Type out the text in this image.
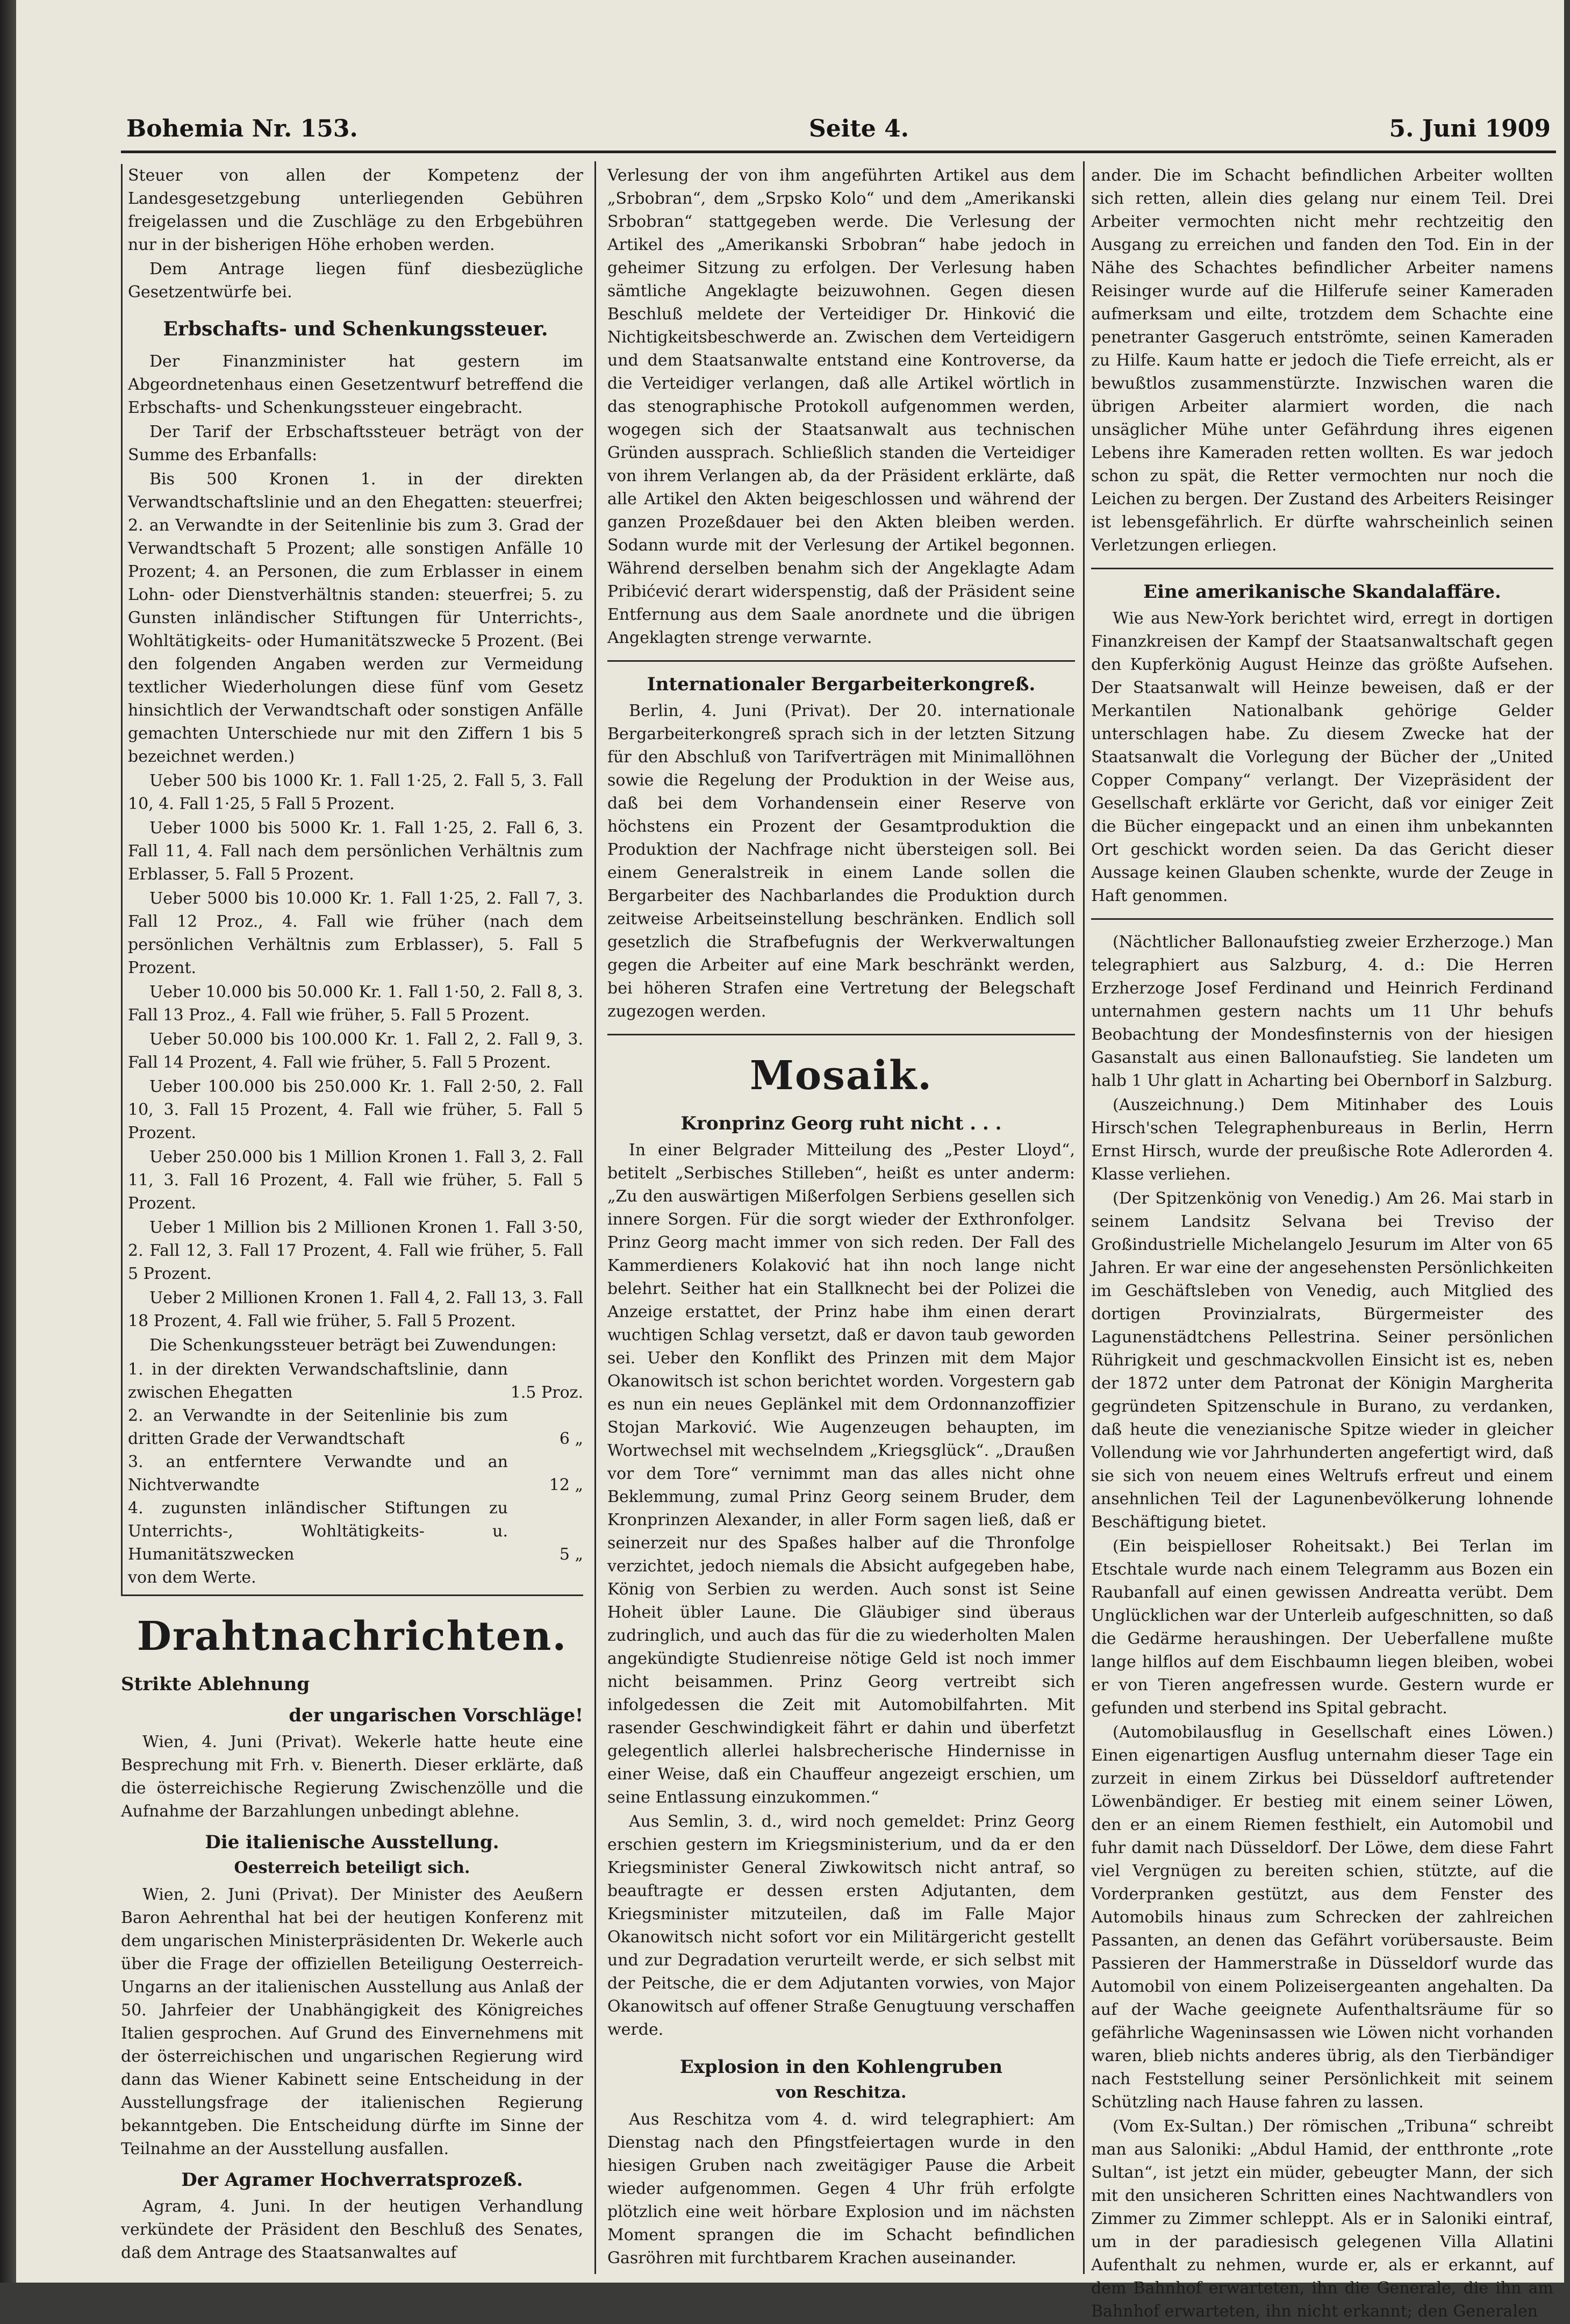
Bohemia Nr. 153.	Seite 4.	5. Juni 1909

Steuer von allen der Kompetenz der Landesgesetzgebung unterliegenden Gebühren freigelassen und die Zuschläge zu den Erbgebühren nur in der bisherigen Höhe erhoben werden.

Dem Antrage liegen fünf diesbezügliche Gesetzentwürfe bei.

Erbschafts- und Schenkungssteuer.

Der Finanzminister hat gestern im Abgeordnetenhaus einen Gesetzentwurf betreffend die Erbschafts- und Schenkungssteuer eingebracht.

Der Tarif der Erbschaftssteuer beträgt von der Summe des Erbanfalls:

Bis 500 Kronen 1. in der direkten Verwandtschaftslinie und an den Ehegatten: steuerfrei; 2. an Verwandte in der Seitenlinie bis zum 3. Grad der Verwandtschaft 5 Prozent; alle sonstigen Anfälle 10 Prozent; 4. an Personen, die zum Erblasser in einem Lohn- oder Dienstverhältnis standen: steuerfrei; 5. zu Gunsten inländischer Stiftungen für Unterrichts-, Wohltätigkeits- oder Humanitätszwecke 5 Prozent. (Bei den folgenden Angaben werden zur Vermeidung textlicher Wiederholungen diese fünf vom Gesetz hinsichtlich der Verwandtschaft oder sonstigen Anfälle gemachten Unterschiede nur mit den Ziffern 1 bis 5 bezeichnet werden.)

Ueber 500 bis 1000 Kr. 1. Fall 1·25, 2. Fall 5, 3. Fall 10, 4. Fall 1·25, 5 Fall 5 Prozent.

Ueber 1000 bis 5000 Kr. 1. Fall 1·25, 2. Fall 6, 3. Fall 11, 4. Fall nach dem persönlichen Verhältnis zum Erblasser, 5. Fall 5 Prozent.

Ueber 5000 bis 10.000 Kr. 1. Fall 1·25, 2. Fall 7, 3. Fall 12 Proz., 4. Fall wie früher (nach dem persönlichen Verhältnis zum Erblasser), 5. Fall 5 Prozent.

Ueber 10.000 bis 50.000 Kr. 1. Fall 1·50, 2. Fall 8, 3. Fall 13 Proz., 4. Fall wie früher, 5. Fall 5 Prozent.

Ueber 50.000 bis 100.000 Kr. 1. Fall 2, 2. Fall 9, 3. Fall 14 Prozent, 4. Fall wie früher, 5. Fall 5 Prozent.

Ueber 100.000 bis 250.000 Kr. 1. Fall 2·50, 2. Fall 10, 3. Fall 15 Prozent, 4. Fall wie früher, 5. Fall 5 Prozent.

Ueber 250.000 bis 1 Million Kronen 1. Fall 3, 2. Fall 11, 3. Fall 16 Prozent, 4. Fall wie früher, 5. Fall 5 Prozent.

Ueber 1 Million bis 2 Millionen Kronen 1. Fall 3·50, 2. Fall 12, 3. Fall 17 Prozent, 4. Fall wie früher, 5. Fall 5 Prozent.

Ueber 2 Millionen Kronen 1. Fall 4, 2. Fall 13, 3. Fall 18 Prozent, 4. Fall wie früher, 5. Fall 5 Prozent.

Die Schenkungssteuer beträgt bei Zuwendungen:

1. in der direkten Verwandschaftslinie, dann zwischen Ehegatten	1.5 Proz.
2. an Verwandte in der Seitenlinie bis zum dritten Grade der Verwandtschaft	6 „
3. an entferntere Verwandte und an Nichtverwandte	12 „
4. zugunsten inländischer Stiftungen zu Unterrichts-, Wohltätigkeits- u. Humanitätszwecken	5 „
von dem Werte.	
Drahtnachrichten.
Strikte Ablehnung
der ungarischen Vorschläge!

Wien, 4. Juni (Privat). Wekerle hatte heute eine Besprechung mit Frh. v. Bienerth. Dieser erklärte, daß die österreichische Regierung Zwischenzölle und die Aufnahme der Barzahlungen unbedingt ablehne.

Die italienische Ausstellung.
Oesterreich beteiligt sich.

Wien, 2. Juni (Privat). Der Minister des Aeußern Baron Aehrenthal hat bei der heutigen Konferenz mit dem ungarischen Ministerpräsidenten Dr. Wekerle auch über die Frage der offiziellen Beteiligung Oesterreich-Ungarns an der italienischen Ausstellung aus Anlaß der 50. Jahrfeier der Unabhängigkeit des Königreiches Italien gesprochen. Auf Grund des Einvernehmens mit der österreichischen und ungarischen Regierung wird dann das Wiener Kabinett seine Entscheidung in der Ausstellungsfrage der italienischen Regierung bekanntgeben. Die Entscheidung dürfte im Sinne der Teilnahme an der Ausstellung ausfallen.

Der Agramer Hochverratsprozeß.

Agram, 4. Juni. In der heutigen Verhandlung verkündete der Präsident den Beschluß des Senates, daß dem Antrage des Staatsanwaltes auf

Verlesung der von ihm angeführten Artikel aus dem „Srbobran“, dem „Srpsko Kolo“ und dem „Amerikanski Srbobran“ stattgegeben werde. Die Verlesung der Artikel des „Amerikanski Srbobran“ habe jedoch in geheimer Sitzung zu erfolgen. Der Verlesung haben sämtliche Angeklagte beizuwohnen. Gegen diesen Beschluß meldete der Verteidiger Dr. Hinković die Nichtigkeitsbeschwerde an. Zwischen dem Verteidigern und dem Staatsanwalte entstand eine Kontroverse, da die Verteidiger verlangen, daß alle Artikel wörtlich in das stenographische Protokoll aufgenommen werden, wogegen sich der Staatsanwalt aus technischen Gründen aussprach. Schließlich standen die Verteidiger von ihrem Verlangen ab, da der Präsident erklärte, daß alle Artikel den Akten beigeschlossen und während der ganzen Prozeßdauer bei den Akten bleiben werden. Sodann wurde mit der Verlesung der Artikel begonnen. Während derselben benahm sich der Angeklagte Adam Pribićević derart widerspenstig, daß der Präsident seine Entfernung aus dem Saale anordnete und die übrigen Angeklagten strenge verwarnte.

Internationaler Bergarbeiterkongreß.

Berlin, 4. Juni (Privat). Der 20. internationale Bergarbeiterkongreß sprach sich in der letzten Sitzung für den Abschluß von Tarifverträgen mit Minimallöhnen sowie die Regelung der Produktion in der Weise aus, daß bei dem Vorhandensein einer Reserve von höchstens ein Prozent der Gesamtproduktion die Produktion der Nachfrage nicht übersteigen soll. Bei einem Generalstreik in einem Lande sollen die Bergarbeiter des Nachbarlandes die Produktion durch zeitweise Arbeitseinstellung beschränken. Endlich soll gesetzlich die Strafbefugnis der Werkverwaltungen gegen die Arbeiter auf eine Mark beschränkt werden, bei höheren Strafen eine Vertretung der Belegschaft zugezogen werden.

Mosaik.
Kronprinz Georg ruht nicht . . .

In einer Belgrader Mitteilung des „Pester Lloyd“, betitelt „Serbisches Stilleben“, heißt es unter anderm: „Zu den auswärtigen Mißerfolgen Serbiens gesellen sich innere Sorgen. Für die sorgt wieder der Exthronfolger. Prinz Georg macht immer von sich reden. Der Fall des Kammerdieners Kolaković hat ihn noch lange nicht belehrt. Seither hat ein Stallknecht bei der Polizei die Anzeige erstattet, der Prinz habe ihm einen derart wuchtigen Schlag versetzt, daß er davon taub geworden sei. Ueber den Konflikt des Prinzen mit dem Major Okanowitsch ist schon berichtet worden. Vorgestern gab es nun ein neues Geplänkel mit dem Ordonnanzoffizier Stojan Marković. Wie Augenzeugen behaupten, im Wortwechsel mit wechselndem „Kriegsglück“. „Draußen vor dem Tore“ vernimmt man das alles nicht ohne Beklemmung, zumal Prinz Georg seinem Bruder, dem Kronprinzen Alexander, in aller Form sagen ließ, daß er seinerzeit nur des Spaßes halber auf die Thronfolge verzichtet, jedoch niemals die Absicht aufgegeben habe, König von Serbien zu werden. Auch sonst ist Seine Hoheit übler Laune. Die Gläubiger sind überaus zudringlich, und auch das für die zu wiederholten Malen angekündigte Studienreise nötige Geld ist noch immer nicht beisammen. Prinz Georg vertreibt sich infolgedessen die Zeit mit Automobilfahrten. Mit rasender Geschwindigkeit fährt er dahin und überfetzt gelegentlich allerlei halsbrecherische Hindernisse in einer Weise, daß ein Chauffeur angezeigt erschien, um seine Entlassung einzukommen.“

Aus Semlin, 3. d., wird noch gemeldet: Prinz Georg erschien gestern im Kriegsministerium, und da er den Kriegsminister General Ziwkowitsch nicht antraf, so beauftragte er dessen ersten Adjutanten, dem Kriegsminister mitzuteilen, daß im Falle Major Okanowitsch nicht sofort vor ein Militärgericht gestellt und zur Degradation verurteilt werde, er sich selbst mit der Peitsche, die er dem Adjutanten vorwies, von Major Okanowitsch auf offener Straße Genugtuung verschaffen werde.

Explosion in den Kohlengruben
von Reschitza.

Aus Reschitza vom 4. d. wird telegraphiert: Am Dienstag nach den Pfingstfeiertagen wurde in den hiesigen Gruben nach zweitägiger Pause die Arbeit wieder aufgenommen. Gegen 4 Uhr früh erfolgte plötzlich eine weit hörbare Explosion und im nächsten Moment sprangen die im Schacht befindlichen Gasröhren mit furchtbarem Krachen auseinander.

ander. Die im Schacht befindlichen Arbeiter wollten sich retten, allein dies gelang nur einem Teil. Drei Arbeiter vermochten nicht mehr rechtzeitig den Ausgang zu erreichen und fanden den Tod. Ein in der Nähe des Schachtes befindlicher Arbeiter namens Reisinger wurde auf die Hilferufe seiner Kameraden aufmerksam und eilte, trotzdem dem Schachte eine penetranter Gasgeruch entströmte, seinen Kameraden zu Hilfe. Kaum hatte er jedoch die Tiefe erreicht, als er bewußtlos zusammenstürzte. Inzwischen waren die übrigen Arbeiter alarmiert worden, die nach unsäglicher Mühe unter Gefährdung ihres eigenen Lebens ihre Kameraden retten wollten. Es war jedoch schon zu spät, die Retter vermochten nur noch die Leichen zu bergen. Der Zustand des Arbeiters Reisinger ist lebensgefährlich. Er dürfte wahrscheinlich seinen Verletzungen erliegen.

Eine amerikanische Skandalaffäre.

Wie aus New-York berichtet wird, erregt in dortigen Finanzkreisen der Kampf der Staatsanwaltschaft gegen den Kupferkönig August Heinze das größte Aufsehen. Der Staatsanwalt will Heinze beweisen, daß er der Merkantilen Nationalbank gehörige Gelder unterschlagen habe. Zu diesem Zwecke hat der Staatsanwalt die Vorlegung der Bücher der „United Copper Company“ verlangt. Der Vizepräsident der Gesellschaft erklärte vor Gericht, daß vor einiger Zeit die Bücher eingepackt und an einen ihm unbekannten Ort geschickt worden seien. Da das Gericht dieser Aussage keinen Glauben schenkte, wurde der Zeuge in Haft genommen.

(Nächtlicher Ballonaufstieg zweier Erzherzoge.) Man telegraphiert aus Salzburg, 4. d.: Die Herren Erzherzoge Josef Ferdinand und Heinrich Ferdinand unternahmen gestern nachts um 11 Uhr behufs Beobachtung der Mondesfinsternis von der hiesigen Gasanstalt aus einen Ballonaufstieg. Sie landeten um halb 1 Uhr glatt in Acharting bei Obernborf in Salzburg.

(Auszeichnung.) Dem Mitinhaber des Louis Hirsch'schen Telegraphenbureaus in Berlin, Herrn Ernst Hirsch, wurde der preußische Rote Adlerorden 4. Klasse verliehen.

(Der Spitzenkönig von Venedig.) Am 26. Mai starb in seinem Landsitz Selvana bei Treviso der Großindustrielle Michelangelo Jesurum im Alter von 65 Jahren. Er war eine der angesehensten Persönlichkeiten im Geschäftsleben von Venedig, auch Mitglied des dortigen Provinzialrats, Bürgermeister des Lagunenstädtchens Pellestrina. Seiner persönlichen Rührigkeit und geschmackvollen Einsicht ist es, neben der 1872 unter dem Patronat der Königin Margherita gegründeten Spitzenschule in Burano, zu verdanken, daß heute die venezianische Spitze wieder in gleicher Vollendung wie vor Jahrhunderten angefertigt wird, daß sie sich von neuem eines Weltrufs erfreut und einem ansehnlichen Teil der Lagunenbevölkerung lohnende Beschäftigung bietet.

(Ein beispielloser Roheitsakt.) Bei Terlan im Etschtale wurde nach einem Telegramm aus Bozen ein Raubanfall auf einen gewissen Andreatta verübt. Dem Unglücklichen war der Unterleib aufgeschnitten, so daß die Gedärme heraushingen. Der Ueberfallene mußte lange hilflos auf dem Eischbaumn liegen bleiben, wobei er von Tieren angefressen wurde. Gestern wurde er gefunden und sterbend ins Spital gebracht.

(Automobilausflug in Gesellschaft eines Löwen.) Einen eigenartigen Ausflug unternahm dieser Tage ein zurzeit in einem Zirkus bei Düsseldorf auftretender Löwenbändiger. Er bestieg mit einem seiner Löwen, den er an einem Riemen festhielt, ein Automobil und fuhr damit nach Düsseldorf. Der Löwe, dem diese Fahrt viel Vergnügen zu bereiten schien, stützte, auf die Vorderpranken gestützt, aus dem Fenster des Automobils hinaus zum Schrecken der zahlreichen Passanten, an denen das Gefährt vorübersauste. Beim Passieren der Hammerstraße in Düsseldorf wurde das Automobil von einem Polizeisergeanten angehalten. Da auf der Wache geeignete Aufenthaltsräume für so gefährliche Wageninsassen wie Löwen nicht vorhanden waren, blieb nichts anderes übrig, als den Tierbändiger nach Feststellung seiner Persönlichkeit mit seinem Schützling nach Hause fahren zu lassen.

(Vom Ex-Sultan.) Der römischen „Tribuna“ schreibt man aus Saloniki: „Abdul Hamid, der entthronte „rote Sultan“, ist jetzt ein müder, gebeugter Mann, der sich mit den unsicheren Schritten eines Nachtwandlers von Zimmer zu Zimmer schleppt. Als er in Saloniki eintraf, um in der paradiesisch gelegenen Villa Allatini Aufenthalt zu nehmen, wurde er, als er erkannt, auf dem Bahnhof erwarteten, ihn die Generale, die ihn am Bahnhof erwarteten, ihn nicht erkannt; den Generalen
